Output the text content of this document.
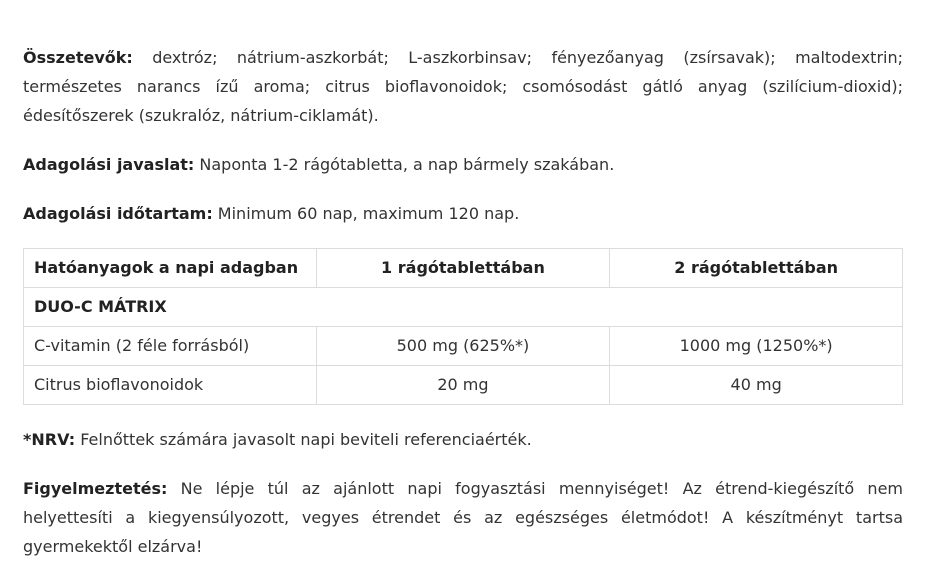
Összetevők: dextróz; nátrium-aszkorbát; L-aszkorbinsav; fényezőanyag (zsírsavak); maltodextrin; természetes narancs ízű aroma; citrus bioflavonoidok; csomósodást gátló anyag (szilícium-dioxid); édesítőszerek (szukralóz, nátrium-ciklamát).

Adagolási javaslat: Naponta 1-2 rágótabletta, a nap bármely szakában.

Adagolási időtartam: Minimum 60 nap, maximum 120 nap.

Hatóanyagok a napi adagban	1 rágótablettában	2 rágótablettában
DUO-C MÁTRIX		
C-vitamin (2 féle forrásból)	500 mg (625%*)	1000 mg (1250%*)
Citrus bioflavonoidok	20 mg	40 mg

*NRV: Felnőttek számára javasolt napi beviteli referenciaérték.

Figyelmeztetés: Ne lépje túl az ajánlott napi fogyasztási mennyiséget! Az étrend-kiegészítő nem helyettesíti a kiegyensúlyozott, vegyes étrendet és az egészséges életmódot! A készítményt tartsa gyermekektől elzárva!
